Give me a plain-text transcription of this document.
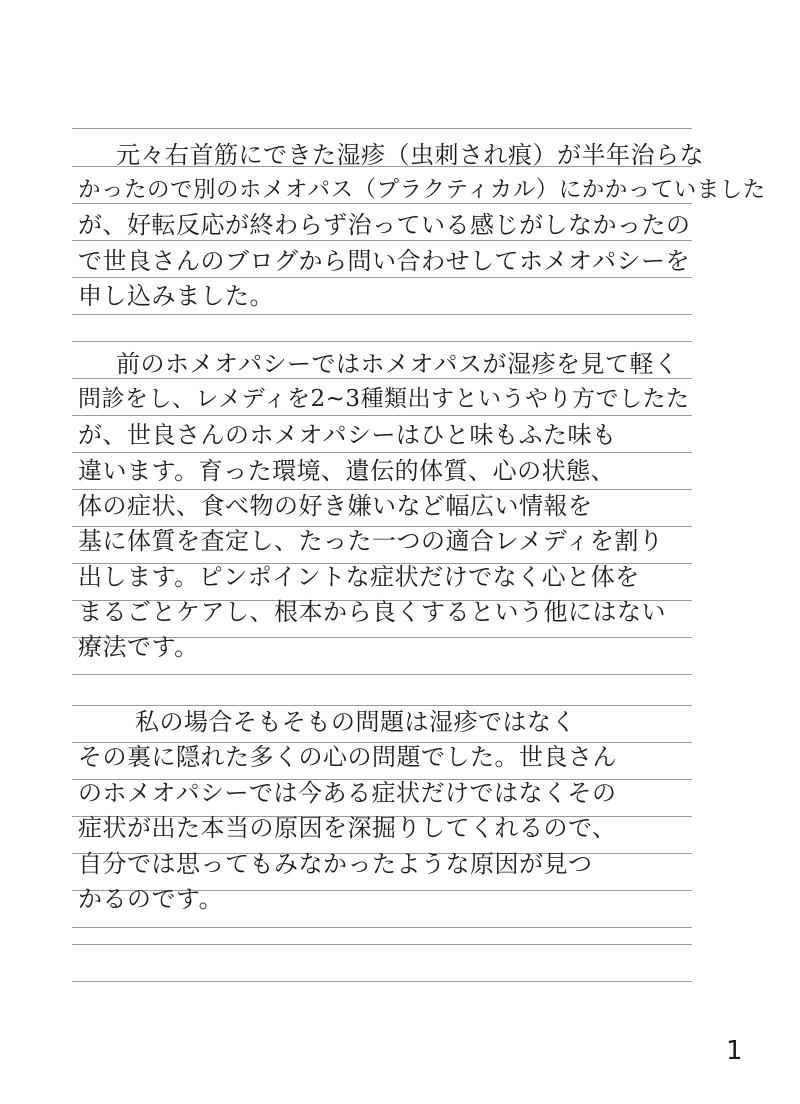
元々右首筋にできた湿疹（虫刺され痕）が半年治らな
かったので別のホメオパス（プラクティカル）にかかっていました
が、好転反応が終わらず治っている感じがしなかったの
で世良さんのブログから問い合わせしてホメオパシーを
申し込みました。
前のホメオパシーではホメオパスが湿疹を見て軽く
問診をし、レメディを2~3種類出すというやり方でしたた
が、世良さんのホメオパシーはひと味もふた味も
違います。育った環境、遺伝的体質、心の状態、
体の症状、食べ物の好き嫌いなど幅広い情報を
基に体質を査定し、たった一つの適合レメディを割り
出します。ピンポイントな症状だけでなく心と体を
まるごとケアし、根本から良くするという他にはない
療法です。
私の場合そもそもの問題は湿疹ではなく
その裏に隠れた多くの心の問題でした。世良さん
のホメオパシーでは今ある症状だけではなくその
症状が出た本当の原因を深掘りしてくれるので、
自分では思ってもみなかったような原因が見つ
かるのです。
1
